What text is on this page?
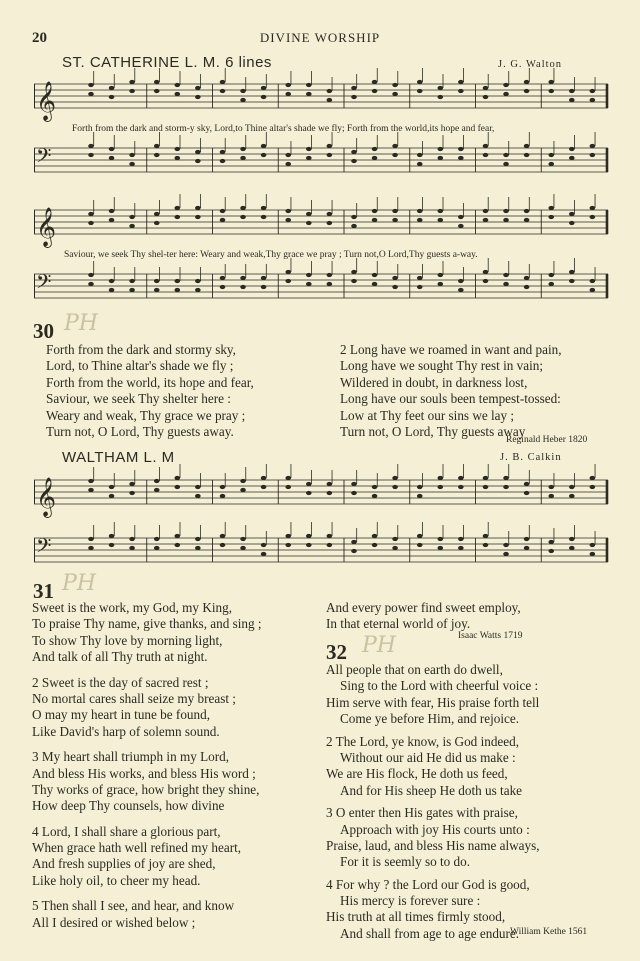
20	DIVINE WORSHIP
ST. CATHERINE L. M. 6 lines	J. G. Walton
𝄞
Forth from the dark and storm-y sky, Lord,to Thine altar's shade we fly; Forth from the world,its hope and fear,
𝄢
𝄞
Saviour, we seek Thy shel-ter here: Weary and weak,Thy grace we pray ; Turn not,O Lord,Thy guests a-way.
𝄢
30 PH
Forth from the dark and stormy sky,
Lord, to Thine altar's shade we fly ;
Forth from the world, its hope and fear,
Saviour, we seek Thy shelter here :
Weary and weak, Thy grace we pray ;
Turn not, O Lord, Thy guests away.
2 Long have we roamed in want and pain,
Long have we sought Thy rest in vain;
Wildered in doubt, in darkness lost,
Long have our souls been tempest-tossed:
Low at Thy feet our sins we lay ;
Turn not, O Lord, Thy guests away
Reginald Heber 1820
WALTHAM L. M	J. B. Calkin
𝄞
𝄢
31 PH
Sweet is the work, my God, my King,
To praise Thy name, give thanks, and sing ;
To show Thy love by morning light,
And talk of all Thy truth at night.
2 Sweet is the day of sacred rest ;
No mortal cares shall seize my breast ;
O may my heart in tune be found,
Like David's harp of solemn sound.
3 My heart shall triumph in my Lord,
And bless His works, and bless His word ;
Thy works of grace, how bright they shine,
How deep Thy counsels, how divine
4 Lord, I shall share a glorious part,
When grace hath well refined my heart,
And fresh supplies of joy are shed,
Like holy oil, to cheer my head.
5 Then shall I see, and hear, and know
All I desired or wished below ;
And every power find sweet employ,
In that eternal world of joy.
Isaac Watts 1719
32 PH
All people that on earth do dwell,
Sing to the Lord with cheerful voice :
Him serve with fear, His praise forth tell
Come ye before Him, and rejoice.
2 The Lord, ye know, is God indeed,
Without our aid He did us make :
We are His flock, He doth us feed,
And for His sheep He doth us take
3 O enter then His gates with praise,
Approach with joy His courts unto :
Praise, laud, and bless His name always,
For it is seemly so to do.
4 For why ? the Lord our God is good,
His mercy is forever sure :
His truth at all times firmly stood,
And shall from age to age endure.
William Kethe 1561
